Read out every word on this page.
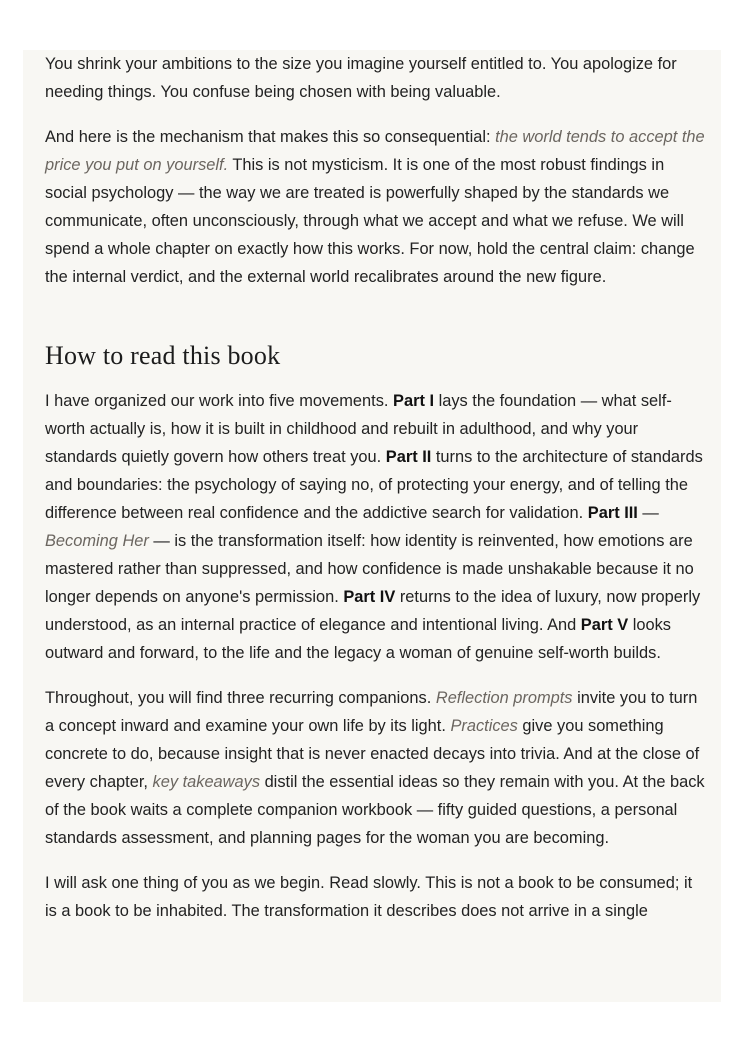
You shrink your ambitions to the size you imagine yourself entitled to. You apologize for needing things. You confuse being chosen with being valuable.

And here is the mechanism that makes this so consequential: the world tends to accept the price you put on yourself. This is not mysticism. It is one of the most robust findings in social psychology — the way we are treated is powerfully shaped by the standards we communicate, often unconsciously, through what we accept and what we refuse. We will spend a whole chapter on exactly how this works. For now, hold the central claim: change the internal verdict, and the external world recalibrates around the new figure.

How to read this book

I have organized our work into five movements. Part I lays the foundation — what self-worth actually is, how it is built in childhood and rebuilt in adulthood, and why your standards quietly govern how others treat you. Part II turns to the architecture of standards and boundaries: the psychology of saying no, of protecting your energy, and of telling the difference between real confidence and the addictive search for validation. Part III — Becoming Her — is the transformation itself: how identity is reinvented, how emotions are mastered rather than suppressed, and how confidence is made unshakable because it no longer depends on anyone's permission. Part IV returns to the idea of luxury, now properly understood, as an internal practice of elegance and intentional living. And Part V looks outward and forward, to the life and the legacy a woman of genuine self-worth builds.

Throughout, you will find three recurring companions. Reflection prompts invite you to turn a concept inward and examine your own life by its light. Practices give you something concrete to do, because insight that is never enacted decays into trivia. And at the close of every chapter, key takeaways distil the essential ideas so they remain with you. At the back of the book waits a complete companion workbook — fifty guided questions, a personal standards assessment, and planning pages for the woman you are becoming.

I will ask one thing of you as we begin. Read slowly. This is not a book to be consumed; it is a book to be inhabited. The transformation it describes does not arrive in a single
